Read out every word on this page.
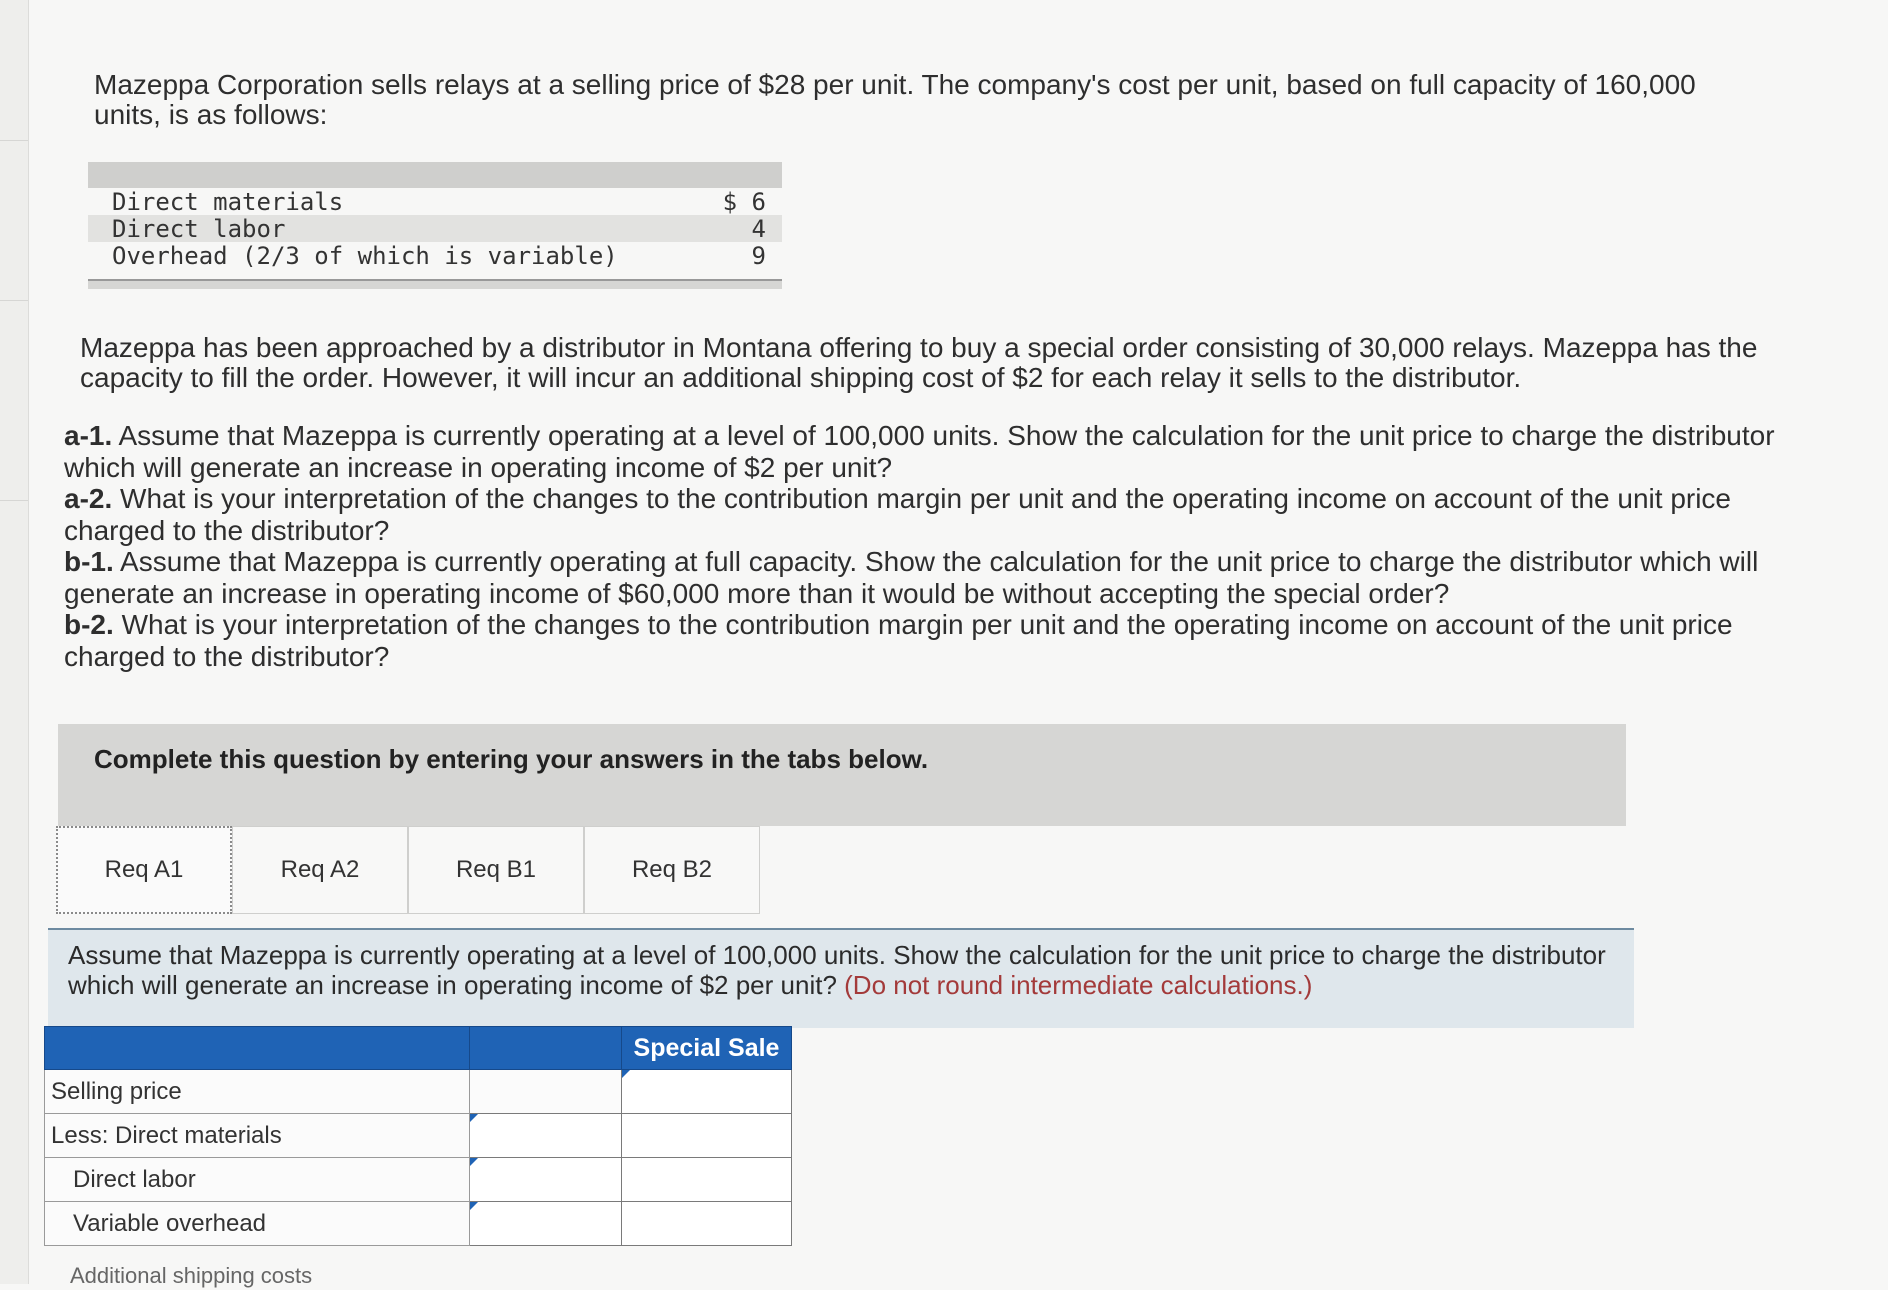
Mazeppa Corporation sells relays at a selling price of $28 per unit. The company's cost per unit, based on full capacity of 160,000 units, is as follows:
Direct materials	$ 6
Direct labor	4
Overhead (2/3 of which is variable)	9
Mazeppa has been approached by a distributor in Montana offering to buy a special order consisting of 30,000 relays. Mazeppa has the capacity to fill the order. However, it will incur an additional shipping cost of $2 for each relay it sells to the distributor.

a-1. Assume that Mazeppa is currently operating at a level of 100,000 units. Show the calculation for the unit price to charge the distributor which will generate an increase in operating income of $2 per unit?

a-2. What is your interpretation of the changes to the contribution margin per unit and the operating income on account of the unit price charged to the distributor?

b-1. Assume that Mazeppa is currently operating at full capacity. Show the calculation for the unit price to charge the distributor which will generate an increase in operating income of $60,000 more than it would be without accepting the special order?

b-2. What is your interpretation of the changes to the contribution margin per unit and the operating income on account of the unit price charged to the distributor?

Complete this question by entering your answers in the tabs below.
Req A1	Req A2	Req B1	Req B2
Assume that Mazeppa is currently operating at a level of 100,000 units. Show the calculation for the unit price to charge the distributor which will generate an increase in operating income of $2 per unit? (Do not round intermediate calculations.)
Special Sale
Selling price
Less: Direct materials
Direct labor
Variable overhead
Additional shipping costs
